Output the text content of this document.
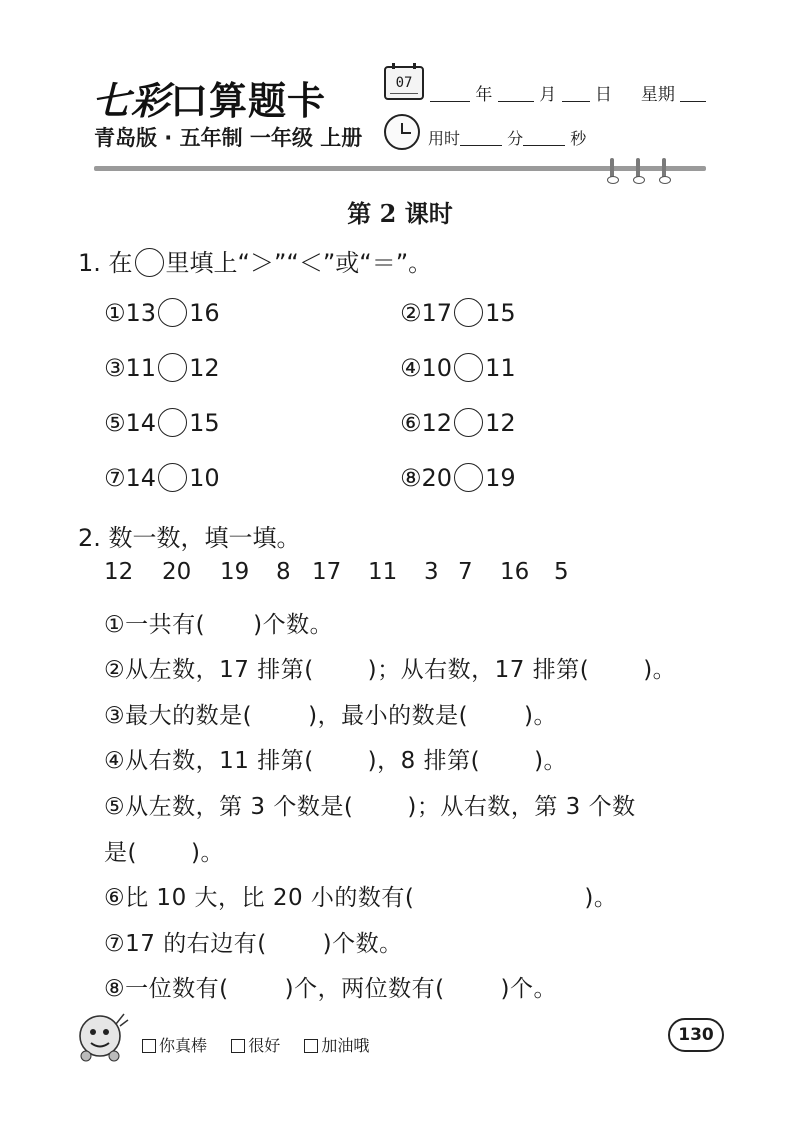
七彩口算题卡	07
年	月 日 星期
青岛版 · 五年制 一年级 上册	用时	分	秒
第 2 课时
1. 在 里填上“＞”“＜”或“＝”。
①13 16	②17 15
③11 12	④10 11
⑤14 15	⑥12 12
⑦14 10	⑧20 19
2. 数一数，填一填。
12 20 19 8 17 11 3 7 16 5
①一共有( )个数。
②从左数，17 排第( )；从右数，17 排第( )。
③最大的数是( )，最小的数是( )。
④从右数，11 排第( )，8 排第( )。
⑤从左数，第 3 个数是( )；从右数，第 3 个数
是( )。
⑥比 10 大，比 20 小的数有(	)。
⑦17 的右边有( )个数。
⑧一位数有( )个，两位数有( )个。
你真棒	很好	加油哦
130
